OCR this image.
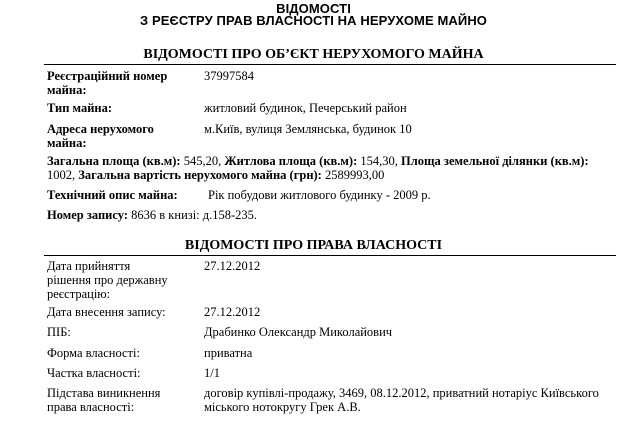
ВІДОМОСТІ
З РЕЄСТРУ ПРАВ ВЛАСНОСТІ НА НЕРУХОМЕ МАЙНО
ВІДОМОСТІ ПРО ОБ’ЄКТ НЕРУХОМОГО МАЙНА
Реєстраційний номер майна:
37997584
Тип майна:	житловий будинок, Печерський район
Адреса нерухомого майна:
м.Київ, вулиця Землянська, будинок 10
Загальна площа (кв.м): 545,20, Житлова площа (кв.м): 154,30, Площа земельної ділянки (кв.м): 1002, Загальна вартість нерухомого майна (грн): 2589993,00
Технічний опис майна:	Рік побудови житлового будинку - 2009 р.
Номер запису: 8636 в книзі: д.158-235.
ВІДОМОСТІ ПРО ПРАВА ВЛАСНОСТІ
Дата прийняття рішення про державну реєстрацію:
27.12.2012
Дата внесення запису:	27.12.2012
ПІБ:	Драбинко Олександр Миколайович
Форма власності:	приватна
Частка власності:	1/1
Підстава виникнення права власності:
договір купівлі-продажу, 3469, 08.12.2012, приватний нотаріус Київського міського нотокругу Грек А.В.
